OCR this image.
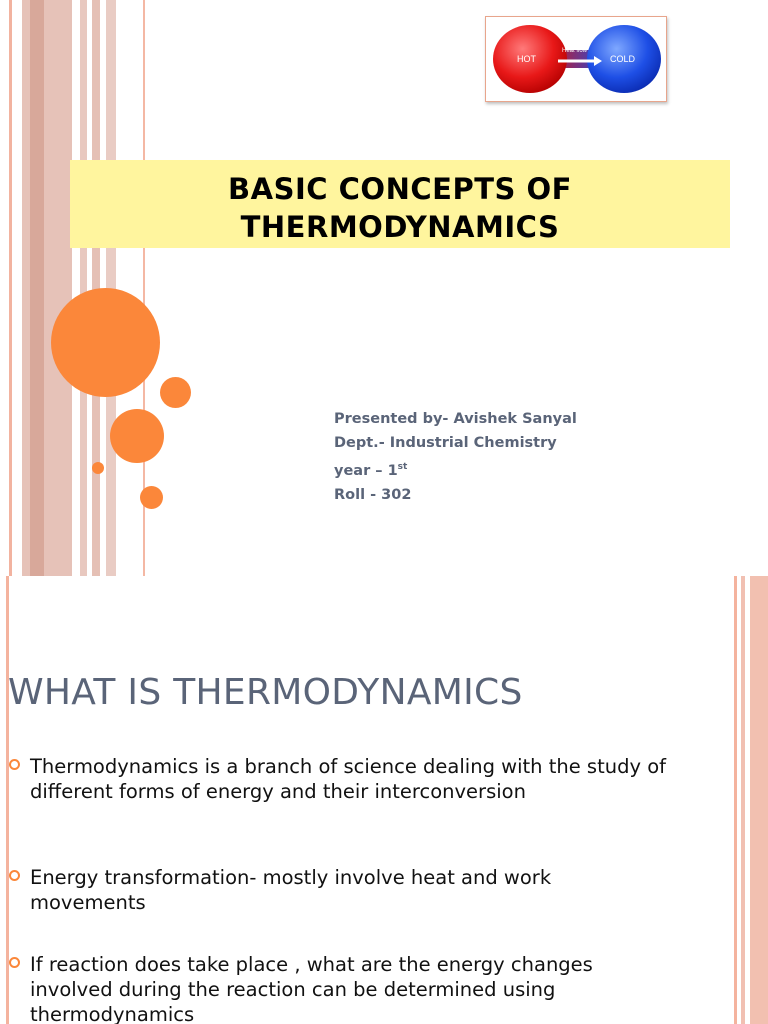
Heat flow
HOT	COLD
BASIC CONCEPTS OF
THERMODYNAMICS
Presented by- Avishek Sanyal
Dept.- Industrial Chemistry
year – 1st
Roll - 302
WHAT IS THERMODYNAMICS
Thermodynamics is a branch of science dealing with the study of different forms of energy and their interconversion
Energy transformation- mostly involve heat and work movements
If reaction does take place , what are the energy changes involved during the reaction can be determined using thermodynamics
